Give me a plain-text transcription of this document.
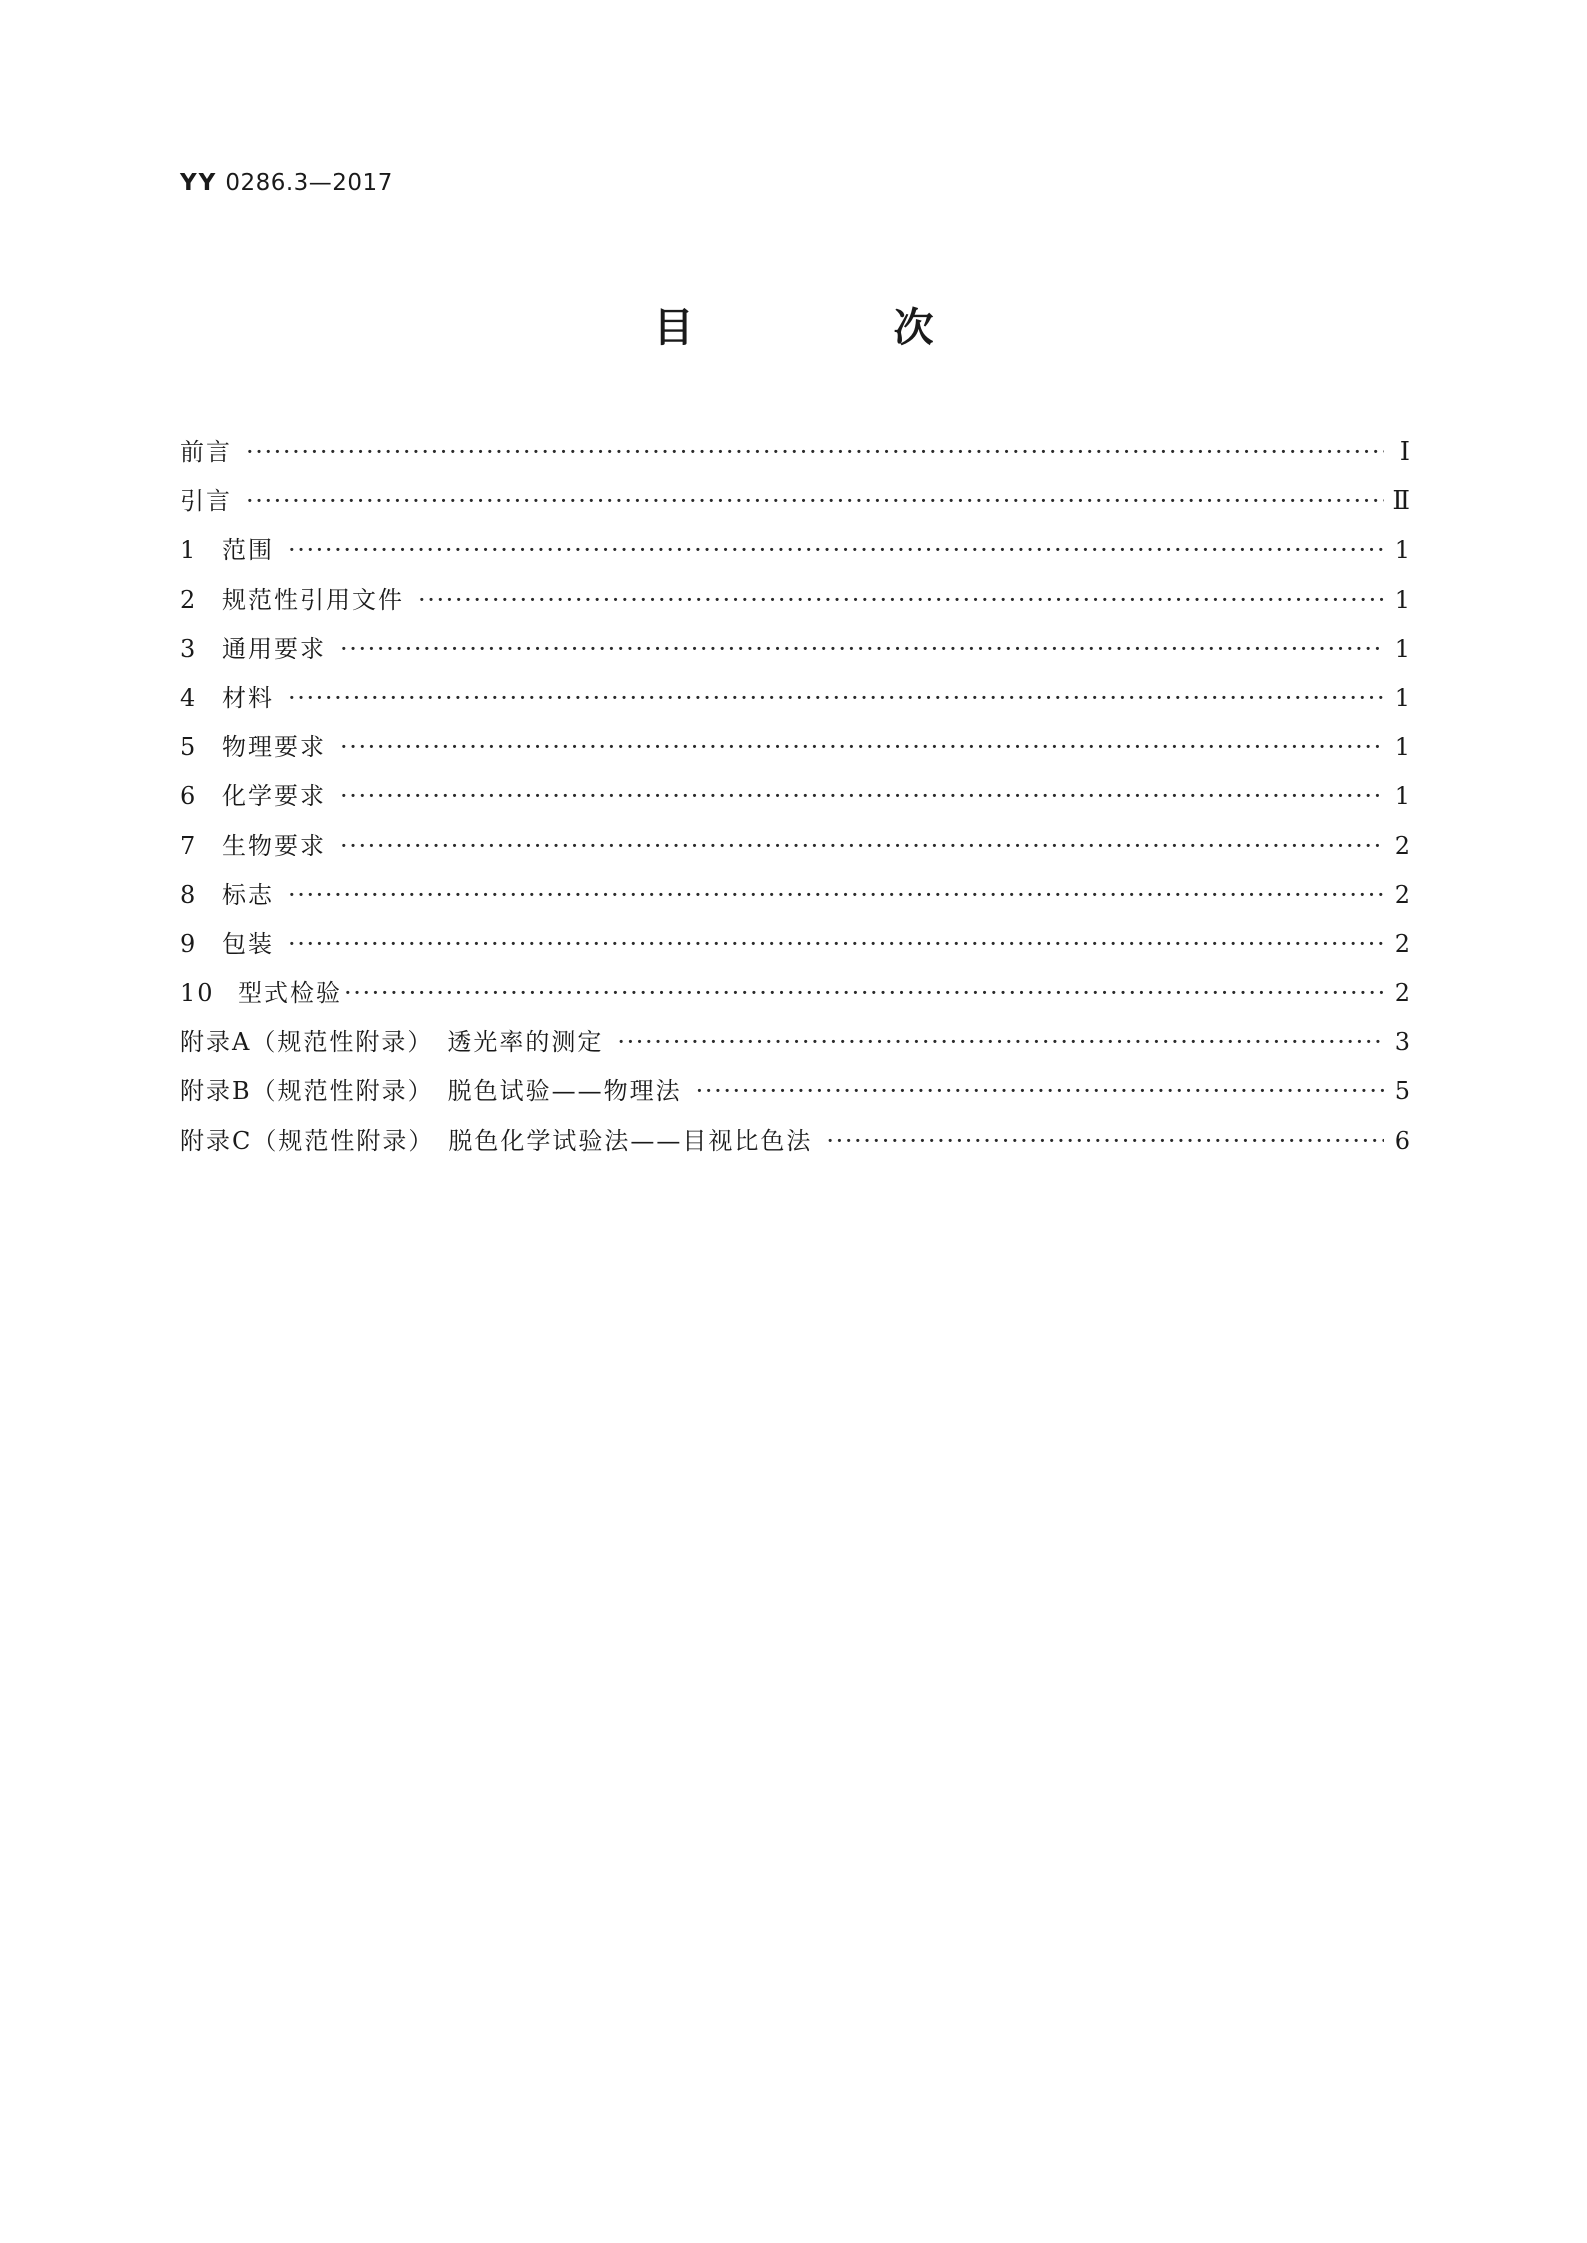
YY 0286.3—2017
目　次
前言 ·····	Ⅰ
引言 ·····	Ⅱ
1	范围 ·····	1
2	规范性引用文件 ·····	1
3	通用要求 ·····	1
4	材料 ·····	1
5	物理要求 ·····	1
6	化学要求 ·····	1
7	生物要求 ·····	2
8	标志 ·····	2
9	包装 ·····	2
10 型式检验 ·····	2
附录A（规范性附录）　透光率的测定 ·····	3
附录B（规范性附录）　脱色试验——物理法 ·····	5
附录C（规范性附录）　脱色化学试验法——目视比色法 ·····	6
